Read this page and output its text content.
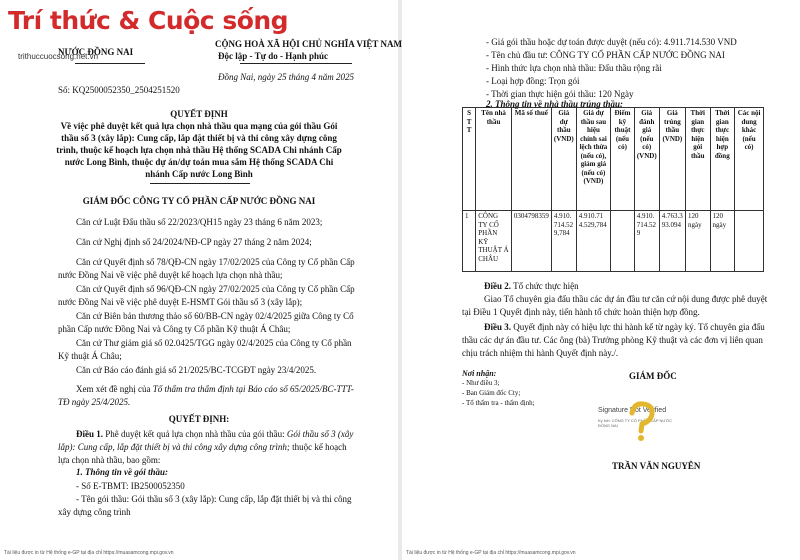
Trí thức & Cuộc sống
trithuccuocsong.net.vn
NƯỚC ĐỒNG NAI
CỘNG HOÀ XÃ HỘI CHỦ NGHĨA VIỆT NAM
Độc lập - Tự do - Hạnh phúc
Đồng Nai, ngày 25 tháng 4 năm 2025
Số: KQ2500052350_2504251520
QUYẾT ĐỊNH
Về việc phê duyệt kết quả lựa chọn nhà thầu qua mạng của gói thầu Gói
thầu số 3 (xây lắp): Cung cấp, lắp đặt thiết bị và thi công xây dựng công
trình, thuộc kế hoạch lựa chọn nhà thầu Hệ thống SCADA Chi nhánh Cấp
nước Long Bình, thuộc dự án/dự toán mua sắm Hệ thống SCADA Chi
nhánh Cấp nước Long Bình
GIÁM ĐỐC CÔNG TY CỔ PHẦN CẤP NƯỚC ĐỒNG NAI
Căn cứ Luật Đấu thầu số 22/2023/QH15 ngày 23 tháng 6 năm 2023;
Căn cứ Nghị định số 24/2024/NĐ-CP ngày 27 tháng 2 năm 2024;
Căn cứ Quyết định số 78/QĐ-CN ngày 17/02/2025 của Công ty Cổ phần Cấp nước Đồng Nai về việc phê duyệt kế hoạch lựa chọn nhà thầu;
Căn cứ Quyết định số 96/QĐ-CN ngày 27/02/2025 của Công ty Cổ phần Cấp nước Đồng Nai về việc phê duyệt E-HSMT Gói thầu số 3 (xây lắp);
Căn cứ Biên bản thương thảo số 60/BB-CN ngày 02/4/2025 giữa Công ty Cổ phần Cấp nước Đồng Nai và Công ty Cổ phần Kỹ thuật Á Châu;
Căn cứ Thư giảm giá số 02.0425/TGG ngày 02/4/2025 của Công ty Cổ phần Kỹ thuật Á Châu;
Căn cứ Báo cáo đánh giá số 21/2025/BC-TCGĐT ngày 23/4/2025.
Xem xét đề nghị của Tổ thẩm tra thẩm định tại Báo cáo số 65/2025/BC-TTT-TĐ ngày 25/4/2025.
QUYẾT ĐỊNH:
Điều 1. Phê duyệt kết quả lựa chọn nhà thầu của gói thầu: Gói thầu số 3 (xây lắp): Cung cấp, lắp đặt thiết bị và thi công xây dựng công trình; thuộc kế hoạch lựa chọn nhà thầu, bao gồm:
1. Thông tin về gói thầu:
- Số E-TBMT: IB2500052350
- Tên gói thầu: Gói thầu số 3 (xây lắp): Cung cấp, lắp đặt thiết bị và thi công xây dựng công trình
Tài liệu được in từ Hệ thống e-GP tại địa chỉ https://muasamcong.mpi.gov.vn
- Giá gói thầu hoặc dự toán được duyệt (nếu có): 4.911.714.530 VND
- Tên chủ đầu tư: CÔNG TY CỔ PHẦN CẤP NƯỚC ĐỒNG NAI
- Hình thức lựa chọn nhà thầu: Đấu thầu rộng rãi
- Loại hợp đồng: Trọn gói
- Thời gian thực hiện gói thầu: 120 Ngày
2. Thông tin về nhà thầu trúng thầu:
S T T	Tên nhà thầu	Mã số thuế	Giá dự thầu (VND)	Giá dự thầu sau hiệu chỉnh sai lệch thừa (nếu có), giảm giá (nếu có) (VND)	Điểm kỹ thuật (nếu có)	Giá đánh giá (nếu có) (VND)	Giá trúng thầu (VND)	Thời gian thực hiện gói thầu	Thời gian thực hiện hợp đồng	Các nội dung khác (nếu có)
1	CÔNG TY CỔ PHẦN KỸ THUẬT Á CHÂU	0304798359	4.910.714.529,784	4.910.714.529,784		4.910.714.529	4.763.393.094	120 ngày	120 ngày	
Điều 2. Tổ chức thực hiện
Giao Tổ chuyên gia đấu thầu các dự án đầu tư căn cứ nội dung được phê duyệt tại Điều 1 Quyết định này, tiến hành tổ chức hoàn thiện hợp đồng.
Điều 3. Quyết định này có hiệu lực thi hành kể từ ngày ký. Tổ chuyên gia đấu thầu các dự án đầu tư. Các ông (bà) Trưởng phòng Kỹ thuật và các đơn vị liên quan chịu trách nhiệm thi hành Quyết định này./.
Nơi nhận:
- Như điều 3;
- Ban Giám đốc Cty;
- Tổ thẩm tra - thẩm định;
GIÁM ĐỐC
Signature Not Verified
Ký bởi: CÔNG TY CỔ PHẦN CẤP NƯỚC ĐỒNG NAI
TRẦN VĂN NGUYÊN
Tài liệu được in từ Hệ thống e-GP tại địa chỉ https://muasamcong.mpi.gov.vn
